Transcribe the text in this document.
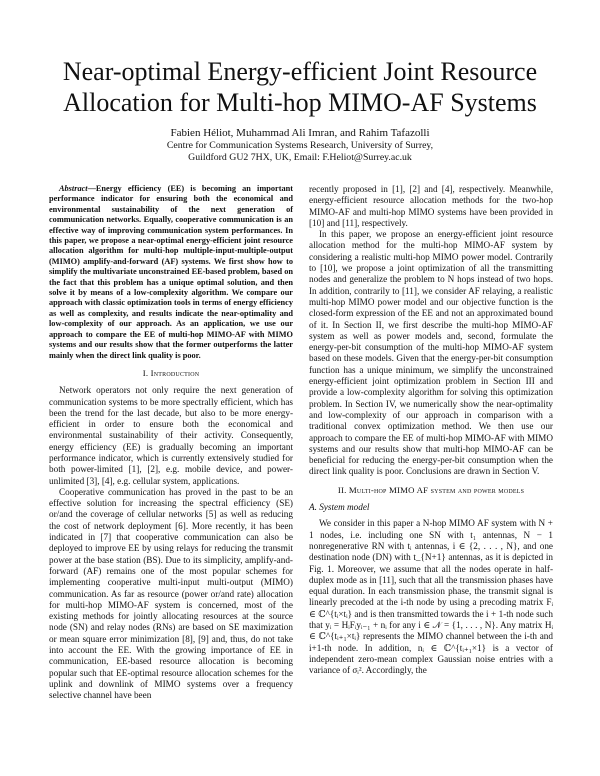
Near-optimal Energy-efficient Joint Resource
Allocation for Multi-hop MIMO-AF Systems
Fabien Héliot, Muhammad Ali Imran, and Rahim Tafazolli
Centre for Communication Systems Research, University of Surrey,
Guildford GU2 7HX, UK, Email: F.Heliot@Surrey.ac.uk

Abstract—Energy efficiency (EE) is becoming an important performance indicator for ensuring both the economical and environmental sustainability of the next generation of communication networks. Equally, cooperative communication is an effective way of improving communication system performances. In this paper, we propose a near-optimal energy-efficient joint resource allocation algorithm for multi-hop multiple-input-multiple-output (MIMO) amplify-and-forward (AF) systems. We first show how to simplify the multivariate unconstrained EE-based problem, based on the fact that this problem has a unique optimal solution, and then solve it by means of a low-complexity algorithm. We compare our approach with classic optimization tools in terms of energy efficiency as well as complexity, and results indicate the near-optimality and low-complexity of our approach. As an application, we use our approach to compare the EE of multi-hop MIMO-AF with MIMO systems and our results show that the former outperforms the latter mainly when the direct link quality is poor.

I. Introduction

Network operators not only require the next generation of communication systems to be more spectrally efficient, which has been the trend for the last decade, but also to be more energy-efficient in order to ensure both the economical and environmental sustainability of their activity. Consequently, energy efficiency (EE) is gradually becoming an important performance indicator, which is currently extensively studied for both power-limited [1], [2], e.g. mobile device, and power-unlimited [3], [4], e.g. cellular system, applications.

Cooperative communication has proved in the past to be an effective solution for increasing the spectral efficiency (SE) or/and the coverage of cellular networks [5] as well as reducing the cost of network deployment [6]. More recently, it has been indicated in [7] that cooperative communication can also be deployed to improve EE by using relays for reducing the transmit power at the base station (BS). Due to its simplicity, amplify-and-forward (AF) remains one of the most popular schemes for implementing cooperative multi-input multi-output (MIMO) communication. As far as resource (power or/and rate) allocation for multi-hop MIMO-AF system is concerned, most of the existing methods for jointly allocating resources at the source node (SN) and relay nodes (RNs) are based on SE maximization or mean square error minimization [8], [9] and, thus, do not take into account the EE. With the growing importance of EE in communication, EE-based resource allocation is becoming popular such that EE-optimal resource allocation schemes for the uplink and downlink of MIMO systems over a frequency selective channel have been

recently proposed in [1], [2] and [4], respectively. Meanwhile, energy-efficient resource allocation methods for the two-hop MIMO-AF and multi-hop MIMO systems have been provided in [10] and [11], respectively.

In this paper, we propose an energy-efficient joint resource allocation method for the multi-hop MIMO-AF system by considering a realistic multi-hop MIMO power model. Contrarily to [10], we propose a joint optimization of all the transmitting nodes and generalize the problem to N hops instead of two hops. In addition, contrarily to [11], we consider AF relaying, a realistic multi-hop MIMO power model and our objective function is the closed-form expression of the EE and not an approximated bound of it. In Section II, we first describe the multi-hop MIMO-AF system as well as power models and, second, formulate the energy-per-bit consumption of the multi-hop MIMO-AF system based on these models. Given that the energy-per-bit consumption function has a unique minimum, we simplify the unconstrained energy-efficient joint optimization problem in Section III and provide a low-complexity algorithm for solving this optimization problem. In Section IV, we numerically show the near-optimality and low-complexity of our approach in comparison with a traditional convex optimization method. We then use our approach to compare the EE of multi-hop MIMO-AF with MIMO systems and our results show that multi-hop MIMO-AF can be beneficial for reducing the energy-per-bit consumption when the direct link quality is poor. Conclusions are drawn in Section V.

II. Multi-hop MIMO AF system and power models

A. System model

We consider in this paper a N-hop MIMO AF system with N + 1 nodes, i.e. including one SN with t₁ antennas, N − 1 nonregenerative RN with tᵢ antennas, i ∈ {2, . . . , N}, and one destination node (DN) with t_{N+1} antennas, as it is depicted in Fig. 1. Moreover, we assume that all the nodes operate in half-duplex mode as in [11], such that all the transmission phases have equal duration. In each transmission phase, the transmit signal is linearly precoded at the i-th node by using a precoding matrix Fᵢ ∈ ℂ^{tᵢ×tᵢ} and is then transmitted towards the i + 1-th node such that yᵢ = HᵢFᵢyᵢ₋₁ + nᵢ for any i ∈ 𝒩 = {1, . . . , N}. Any matrix Hᵢ ∈ ℂ^{tᵢ₊₁×tᵢ} represents the MIMO channel between the i-th and i+1-th node. In addition, nᵢ ∈ ℂ^{tᵢ₊₁×1} is a vector of independent zero-mean complex Gaussian noise entries with a variance of σᵢ². Accordingly, the
